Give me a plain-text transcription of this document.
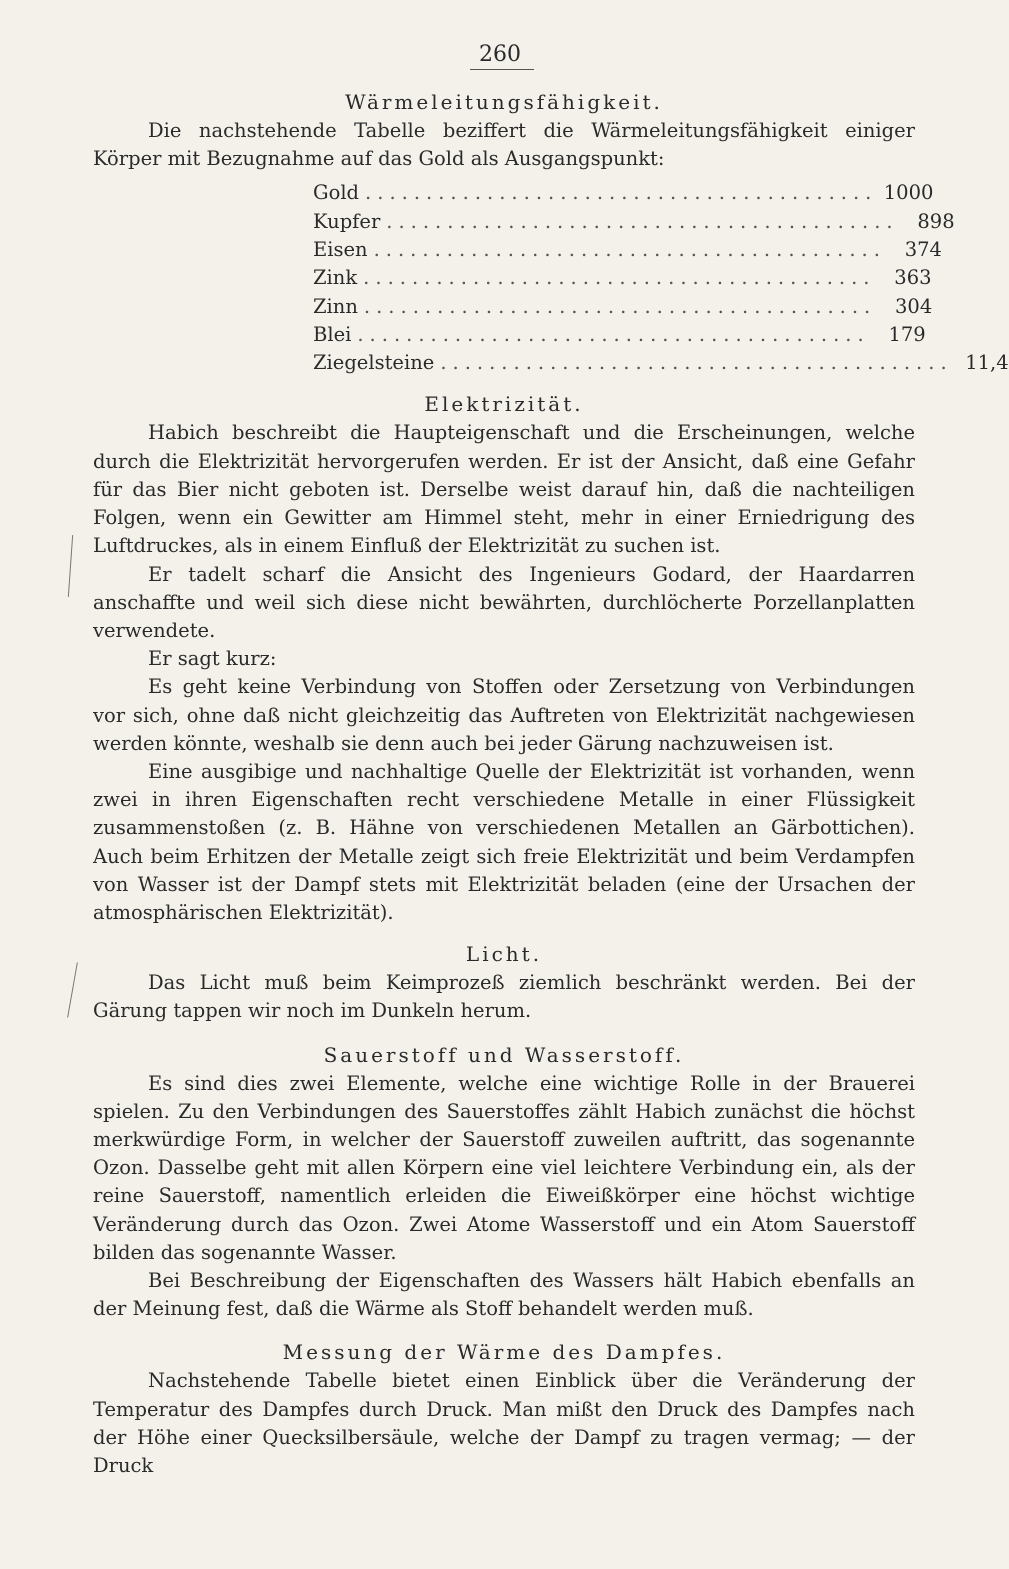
260
Wärmeleitungsfähigkeit.

Die nachstehende Tabelle beziffert die Wärmeleitungsfähigkeit einiger Körper mit Bezugnahme auf das Gold als Ausgangspunkt:

Gold .......................................... 1000
Kupfer .......................................... 898
Eisen .......................................... 374
Zink .......................................... 363
Zinn .......................................... 304
Blei .......................................... 179
Ziegelsteine .......................................... 11,4
Elektrizität.

Habich beschreibt die Haupteigenschaft und die Erscheinungen, welche durch die Elektrizität hervorgerufen werden. Er ist der Ansicht, daß eine Gefahr für das Bier nicht geboten ist. Derselbe weist darauf hin, daß die nachteiligen Folgen, wenn ein Gewitter am Himmel steht, mehr in einer Erniedrigung des Luftdruckes, als in einem Einfluß der Elektrizität zu suchen ist.

Er tadelt scharf die Ansicht des Ingenieurs Godard, der Haardarren anschaffte und weil sich diese nicht bewährten, durchlöcherte Porzellanplatten verwendete.

Er sagt kurz:

Es geht keine Verbindung von Stoffen oder Zersetzung von Verbindungen vor sich, ohne daß nicht gleichzeitig das Auftreten von Elektrizität nachgewiesen werden könnte, weshalb sie denn auch bei jeder Gärung nachzuweisen ist.

Eine ausgibige und nachhaltige Quelle der Elektrizität ist vorhanden, wenn zwei in ihren Eigenschaften recht verschiedene Metalle in einer Flüssigkeit zusammenstoßen (z. B. Hähne von verschiedenen Metallen an Gärbottichen). Auch beim Erhitzen der Metalle zeigt sich freie Elektrizität und beim Verdampfen von Wasser ist der Dampf stets mit Elektrizität beladen (eine der Ursachen der atmosphärischen Elektrizität).

Licht.

Das Licht muß beim Keimprozeß ziemlich beschränkt werden. Bei der Gärung tappen wir noch im Dunkeln herum.

Sauerstoff und Wasserstoff.

Es sind dies zwei Elemente, welche eine wichtige Rolle in der Brauerei spielen. Zu den Verbindungen des Sauerstoffes zählt Habich zunächst die höchst merkwürdige Form, in welcher der Sauerstoff zuweilen auftritt, das sogenannte Ozon. Dasselbe geht mit allen Körpern eine viel leichtere Verbindung ein, als der reine Sauerstoff, namentlich erleiden die Eiweißkörper eine höchst wichtige Veränderung durch das Ozon. Zwei Atome Wasserstoff und ein Atom Sauerstoff bilden das sogenannte Wasser.

Bei Beschreibung der Eigenschaften des Wassers hält Habich ebenfalls an der Meinung fest, daß die Wärme als Stoff behandelt werden muß.

Messung der Wärme des Dampfes.

Nachstehende Tabelle bietet einen Einblick über die Veränderung der Temperatur des Dampfes durch Druck. Man mißt den Druck des Dampfes nach der Höhe einer Quecksilbersäule, welche der Dampf zu tragen vermag; — der Druck
